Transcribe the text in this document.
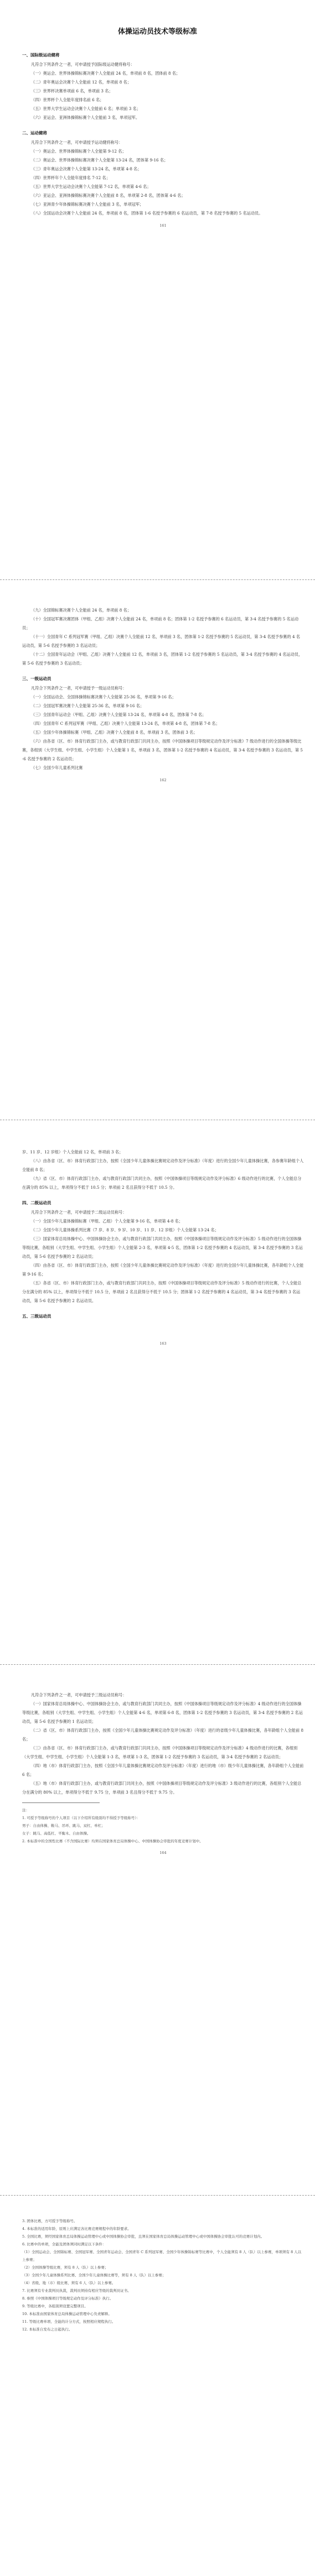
体操运动员技术等级标准
一、国际级运动健将

凡符合下列条件之一者，可申请授予国际级运动健将称号：

（一）奥运会、世界体操锦标赛决赛个人全能前 24 名，单项前 8 名，团体前 8 名；

（二）青年奥运会决赛个人全能前 12 名，单项前 8 名；

（三）世界杯决赛单项前 6 名，单项前 3 名；

（四）世界杯个人全能年度排名前 6 名；

（五）世界大学生运动会决赛个人全能前 6 名；单项前 3 名；

（六）亚运会、亚洲体操锦标赛个人全能前 3 名，单项冠军。

二、运动健将

凡符合下列条件之一者，可申请授予运动健将称号：

（一）奥运会、世界体操锦标赛个人全能第 9-12 名；

（二）奥运会、世界体操锦标赛决赛个人全能第 13-24 名，团体第 9-16 名；

（三）青年奥运会决赛个人全能第 13-24 名，单项第 4-8 名；

（四）世界杯年个人全能年度排名 7-12 名；

（五）世界大学生运动会决赛个人全能第 7-12 名，单项第 4-6 名；

（六）亚运会、亚洲体操锦标赛决赛个人全能前 8 名，单项第 2-8 名，团体第 4-6 名；

（七）亚洲青少年体操锦标赛决赛个人全能前 3 名，单项冠军；

（八）全国运动会决赛个人全能前 24 名，单项前 8 名，团体第 1-6 名授予参赛的 6 名运动员，第 7-8 名授予参赛的 5 名运动员。

161

（九）全国锦标赛决赛个人全能前 24 名，单项前 8 名；

（十）全国冠军赛决赛团体（甲组、乙组）决赛个人全能前 24 名，单项前 8 名；团体第 1-2 名授予参赛的 6 名运动员，第 3-4 名授予参赛的 5 名运动员；

（十一）全国青年 C 系列冠军赛（甲组、乙组）决赛个人全能前 12 名，单项前 3 名，团体第 1-2 名授予参赛的 5 名运动员，第 3-4 名授予参赛的 4 名运动员，第 5-6 名授予参赛的 3 名运动员；

（十二）全国青年运动会（甲组、乙组）决赛个人全能前 12 名，单项前 3 名，团体第 1-2 名授予参赛的 5 名运动员，第 3-4 名授予参赛的 4 名运动员，第 5-6 名授予参赛的 3 名运动员；

三、一级运动员

凡符合下列条件之一者，可申请授予一级运动员称号：

（一）全国运动会、全国体操锦标赛决赛个人全能第 25-36 名，单项第 9-16 名；

（二）全国冠军赛决赛个人全能第 25-36 名，单项第 9-16 名；

（三）全国青年运动会（甲组、乙组）决赛个人全能第 13-24 名，单项第 4-8 名，团体第 7-8 名；

（四）全国青年 C 系列冠军赛（甲组、乙组）决赛个人全能第 13-24 名，单项第 4-8 名，团体第 7-8 名；

（五）全国少年体操锦标赛（甲组、乙组）决赛个人全能前 8 名，单项前 3 名，团体前 3 名；

（六）由各省（区、市）体育行政部门主办，或与教育行政部门共同主办，按照《中国体操项目等级规定动作及评分标准》7 级动作进行的全国体操等级比赛，各组别（大学生组、中学生组、小学生组）个人全能第 1 名，单项前 3 名，团体第 1-2 名授予参赛的 4 名运动员，第 3-4 名授予参赛的 3 名运动员，第 5-6 名授予参赛的 2 名运动员；

（七）全国少年儿童系列比赛

162

岁、11 岁、12 岁组）个人全能前 12 名，单项前 3 名；

（八）由各省（区、市）体育行政部门主办，按照《全国少年儿童体操比赛规定动作及评分标准》（年度）进行的全国少年儿童体操比赛，各参赛年龄组个人全能前 8 名；

（九）省（区、市）体育行政部门主办，或与教育行政部门共同主办，按照《中国体操项目等级规定动作及评分标准》6 级动作进行的比赛，个人全能总分在满分的 85% 以上，单项得分不低于 10.5 分；单项前 2 名且获得分不低于 10.5 分。

四、二级运动员

凡符合下列条件之一者，可申请授予二级运动员称号：

（一）全国少年儿童体操锦标赛（甲组、乙组）个人全能第 9-16 名，单项第 4-8 名；

（二）全国少年儿童体操系列比赛（7 岁、8 岁、9 岁、10 岁、11 岁、12 岁组）个人全能第 13-24 名；

（三）国家体育总局体操中心、中国体操协会主办，或与教育行政部门共同主办，按照《中国体操项目等级规定动作及评分标准》5 级动作进行的全国体操等级比赛，各组别（大学生组、中学生组、小学生组）个人全能第 2-3 名，单项第 4-5 名，团体第 1-2 名授予参赛的 4 名运动员，第 3-4 名授予参赛的 3 名运动员，第 5-6 名授予参赛的 2 名运动员；

（四）由各省（区、市）体育行政部门主办，按照《全国少年儿童体操比赛规定动作及评分标准》（年度）进行的全国少年儿童体操比赛，各年龄组个人全能第 9-16 名；

（五）各省（区、市）体育行政部门主办，或与教育行政部门共同主办，按照《中国体操项目等级规定动作及评分标准》5 级动作进行的比赛，个人全能总分在满分的 85% 以上，单项得分不低于 10.5 分，单项前 2 名且获得分不低于 10.5 分；团体第 1-2 名授予参赛的 4 名运动员，第 3-4 名授予参赛的 3 名运动员，第 5-6 名授予参赛的 2 名运动员。

五、三级运动员
163

凡符合下列条件之一者，可申请授予三级运动员称号：

（一）国家体育总局体操中心、中国体操协会主办，或与教育行政部门共同主办，按照《中国体操项目等级规定动作及评分标准》4 级动作进行的全国体操等级比赛，各组别（大学生组、中学生组、小学生组）个人全能第 4-6 名，单项第 6-8 名，团体第 1-2 名授予参赛的 3 名运动员，第 3-4 名授予参赛的 2 名运动员，第 5-6 名授予参赛的 1 名运动员；

（二）省（区、市）体育行政部门主办，按照《全国少年儿童体操比赛规定动作及评分标准》（年度）进行的省级少年儿童体操比赛，各年龄组个人全能前 8 名；

（三）由各省（区、市）体育行政部门主办，或与教育行政部门共同主办，按照《中国体操项目等级规定动作及评分标准》4 级动作进行的比赛，各组别（大学生组、中学生组、小学生组）个人全能第 1-3 名，单项第 1-3 名，团体第 1-2 名授予参赛的 3 名运动员，第 3-4 名授予参赛的 2 名运动员；

（四）地（市）体育行政部门主办，按照《全国少年儿童体操比赛规定动作及评分标准》（年度）进行的地（市）级少年儿童体操比赛，各年龄组个人全能前 6 名；

（五）地（市）体育行政部门主办，或与教育行政部门共同主办，按照《中国体操项目等级规定动作及评分标准》3 级动作进行的比赛，各组别个人全能总分在满分的 80% 以上，单项得分不低于 9.75 分，单项前 3 名且得分不低于 9.75 分。

注：

1. 可授予等级称号的个人项目（以下介绍所有级别均不得授予等级称号）：

男子：自由体操、鞍马、吊环、跳马、双杠、单杠；

女子：跳马、高低杠、平衡木、自由体操。

2. 本标准中的全国性比赛（不含国际比赛）均须在国家体育总局体操中心、中国体操协会审批的年度竞赛计划中。

164

3. 团体比赛，方可授予等级称号。

4. 本标准的适用年龄，原则上应满足各比赛竞赛规程中的年龄要求。

5. 全国比赛，须经国家体育总局体操运动管理中心或中国体操协会审批，且须在国家体育总局体操运动管理中心或中国体操协会审批认可的竞赛计划内。

6. 比赛中的单项，全能及团体须同时满足以下条件：

（1）全国运动会、全国锦标赛、全国冠军赛、全国青年运动会、全国青年 C 系列冠军赛、全国少年体操锦标赛等比赛中，个人全能须有 8 人（队）以上参赛，单项须有 8 人以上参赛；

（2）全国体操等级比赛，须有 8 人（队）以上参赛；

（3）全国少年儿童体操系列比赛、全国少年儿童体操比赛等，须有 8 人（队）以上参赛；

（4）省级、地（市）级比赛，须有 6 人（队）以上参赛。

7. 比赛须有专业裁判员执裁，裁判员须持有相应等级的裁判员证书。

8. 参照《中国体操项目等级规定动作及评分标准》执行。

9. 等级比赛中，各组别须设置完整项目。

10. 本标准由国家体育总局体操运动管理中心负责解释。

11. 等级比赛单项、全能的计分方式，按照相应规程执行。

12. 本标准自发布之日起执行。
